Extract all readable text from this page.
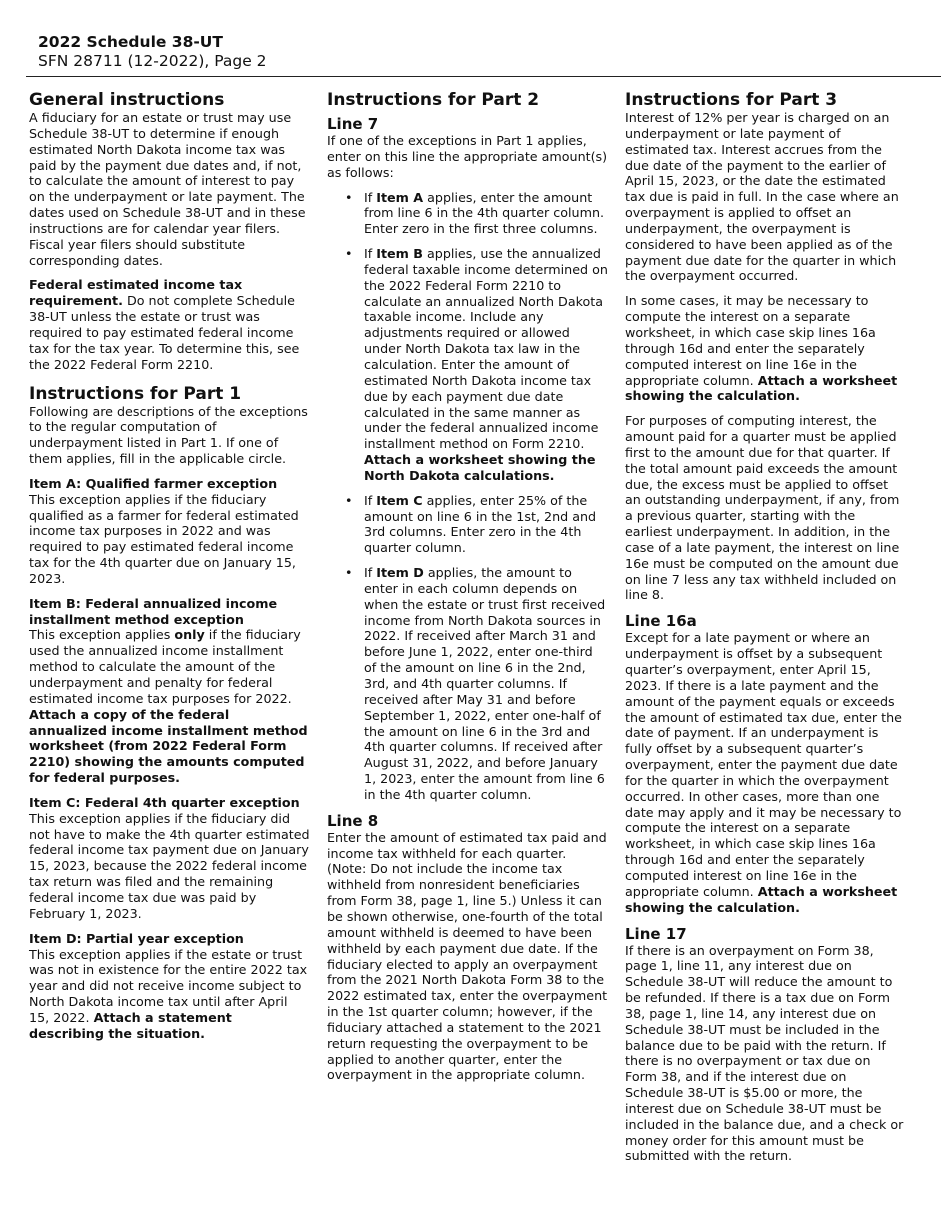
2022 Schedule 38-UT
SFN 28711 (12-2022), Page 2
General instructions

A fiduciary for an estate or trust may use Schedule 38-UT to determine if enough estimated North Dakota income tax was paid by the payment due dates and, if not, to calculate the amount of interest to pay on the underpayment or late payment. The dates used on Schedule 38-UT and in these instructions are for calendar year filers. Fiscal year filers should substitute corresponding dates.

Federal estimated income tax requirement. Do not complete Schedule 38-UT unless the estate or trust was required to pay estimated federal income tax for the tax year. To determine this, see the 2022 Federal Form 2210.

Instructions for Part 1

Following are descriptions of the exceptions to the regular computation of underpayment listed in Part 1. If one of them applies, fill in the applicable circle.

Item A: Qualified farmer exception

This exception applies if the fiduciary qualified as a farmer for federal estimated income tax purposes in 2022 and was required to pay estimated federal income tax for the 4th quarter due on January 15, 2023.

Item B: Federal annualized income installment method exception

This exception applies only if the fiduciary used the annualized income installment method to calculate the amount of the underpayment and penalty for federal estimated income tax purposes for 2022. Attach a copy of the federal annualized income installment method worksheet (from 2022 Federal Form 2210) showing the amounts computed for federal purposes.

Item C: Federal 4th quarter exception

This exception applies if the fiduciary did not have to make the 4th quarter estimated federal income tax payment due on January 15, 2023, because the 2022 federal income tax return was filed and the remaining federal income tax due was paid by February 1, 2023.

Item D: Partial year exception

This exception applies if the estate or trust was not in existence for the entire 2022 tax year and did not receive income subject to North Dakota income tax until after April 15, 2022. Attach a statement describing the situation.

Instructions for Part 2
Line 7

If one of the exceptions in Part 1 applies, enter on this line the appropriate amount(s) as follows:

• If Item A applies, enter the amount from line 6 in the 4th quarter column. Enter zero in the first three columns.
• If Item B applies, use the annualized federal taxable income determined on the 2022 Federal Form 2210 to calculate an annualized North Dakota taxable income. Include any adjustments required or allowed under North Dakota tax law in the calculation. Enter the amount of estimated North Dakota income tax due by each payment due date calculated in the same manner as under the federal annualized income installment method on Form 2210. Attach a worksheet showing the North Dakota calculations.
• If Item C applies, enter 25% of the amount on line 6 in the 1st, 2nd and 3rd columns. Enter zero in the 4th quarter column.
• If Item D applies, the amount to enter in each column depends on when the estate or trust first received income from North Dakota sources in 2022. If received after March 31 and before June 1, 2022, enter one-third of the amount on line 6 in the 2nd, 3rd, and 4th quarter columns. If received after May 31 and before September 1, 2022, enter one-half of the amount on line 6 in the 3rd and 4th quarter columns. If received after August 31, 2022, and before January 1, 2023, enter the amount from line 6 in the 4th quarter column.
Line 8

Enter the amount of estimated tax paid and income tax withheld for each quarter. (Note: Do not include the income tax withheld from nonresident beneficiaries from Form 38, page 1, line 5.) Unless it can be shown otherwise, one-fourth of the total amount withheld is deemed to have been withheld by each payment due date. If the fiduciary elected to apply an overpayment from the 2021 North Dakota Form 38 to the 2022 estimated tax, enter the overpayment in the 1st quarter column; however, if the fiduciary attached a statement to the 2021 return requesting the overpayment to be applied to another quarter, enter the overpayment in the appropriate column.

Instructions for Part 3

Interest of 12% per year is charged on an underpayment or late payment of estimated tax. Interest accrues from the due date of the payment to the earlier of April 15, 2023, or the date the estimated tax due is paid in full. In the case where an overpayment is applied to offset an underpayment, the overpayment is considered to have been applied as of the payment due date for the quarter in which the overpayment occurred.

In some cases, it may be necessary to compute the interest on a separate worksheet, in which case skip lines 16a through 16d and enter the separately computed interest on line 16e in the appropriate column. Attach a worksheet showing the calculation.

For purposes of computing interest, the amount paid for a quarter must be applied first to the amount due for that quarter. If the total amount paid exceeds the amount due, the excess must be applied to offset an outstanding underpayment, if any, from a previous quarter, starting with the earliest underpayment. In addition, in the case of a late payment, the interest on line 16e must be computed on the amount due on line 7 less any tax withheld included on line 8.

Line 16a

Except for a late payment or where an underpayment is offset by a subsequent quarter’s overpayment, enter April 15, 2023. If there is a late payment and the amount of the payment equals or exceeds the amount of estimated tax due, enter the date of payment. If an underpayment is fully offset by a subsequent quarter’s overpayment, enter the payment due date for the quarter in which the overpayment occurred. In other cases, more than one date may apply and it may be necessary to compute the interest on a separate worksheet, in which case skip lines 16a through 16d and enter the separately computed interest on line 16e in the appropriate column. Attach a worksheet showing the calculation.

Line 17

If there is an overpayment on Form 38, page 1, line 11, any interest due on Schedule 38-UT will reduce the amount to be refunded. If there is a tax due on Form 38, page 1, line 14, any interest due on Schedule 38-UT must be included in the balance due to be paid with the return. If there is no overpayment or tax due on Form 38, and if the interest due on Schedule 38-UT is $5.00 or more, the interest due on Schedule 38-UT must be included in the balance due, and a check or money order for this amount must be submitted with the return.
